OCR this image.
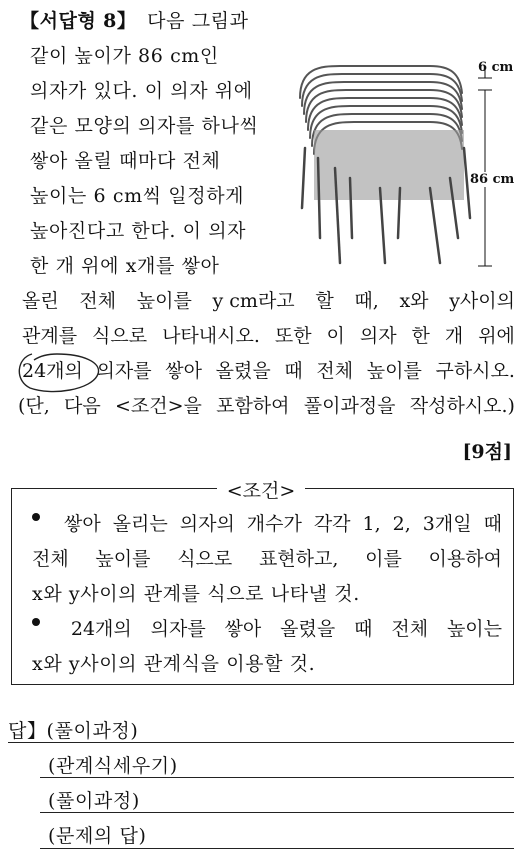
【서답형 8】 다음 그림과
같이 높이가 86 cm인
의자가 있다. 이 의자 위에
같은 모양의 의자를 하나씩
쌓아 올릴 때마다 전체
높이는 6 cm씩 일정하게
높아진다고 한다. 이 의자
한 개 위에 x개를 쌓아
6 cm
86 cm
올린 전체 높이를 y cm라고 할 때, x와 y사이의
관계를 식으로 나타내시오. 또한 이 의자 한 개 위에
24개의 의자를 쌓아 올렸을 때 전체 높이를 구하시오.
(단, 다음 <조건>을 포함하여 풀이과정을 작성하시오.)
[9점]
<조건>
쌓아 올리는 의자의 개수가 각각 1, 2, 3개일 때
전체 높이를 식으로 표현하고, 이를 이용하여
x와 y사이의 관계를 식으로 나타낼 것.
24개의 의자를 쌓아 올렸을 때 전체 높이는
x와 y사이의 관계식을 이용할 것.
답】(풀이과정)
(관계식세우기)
(풀이과정)
(문제의 답)
